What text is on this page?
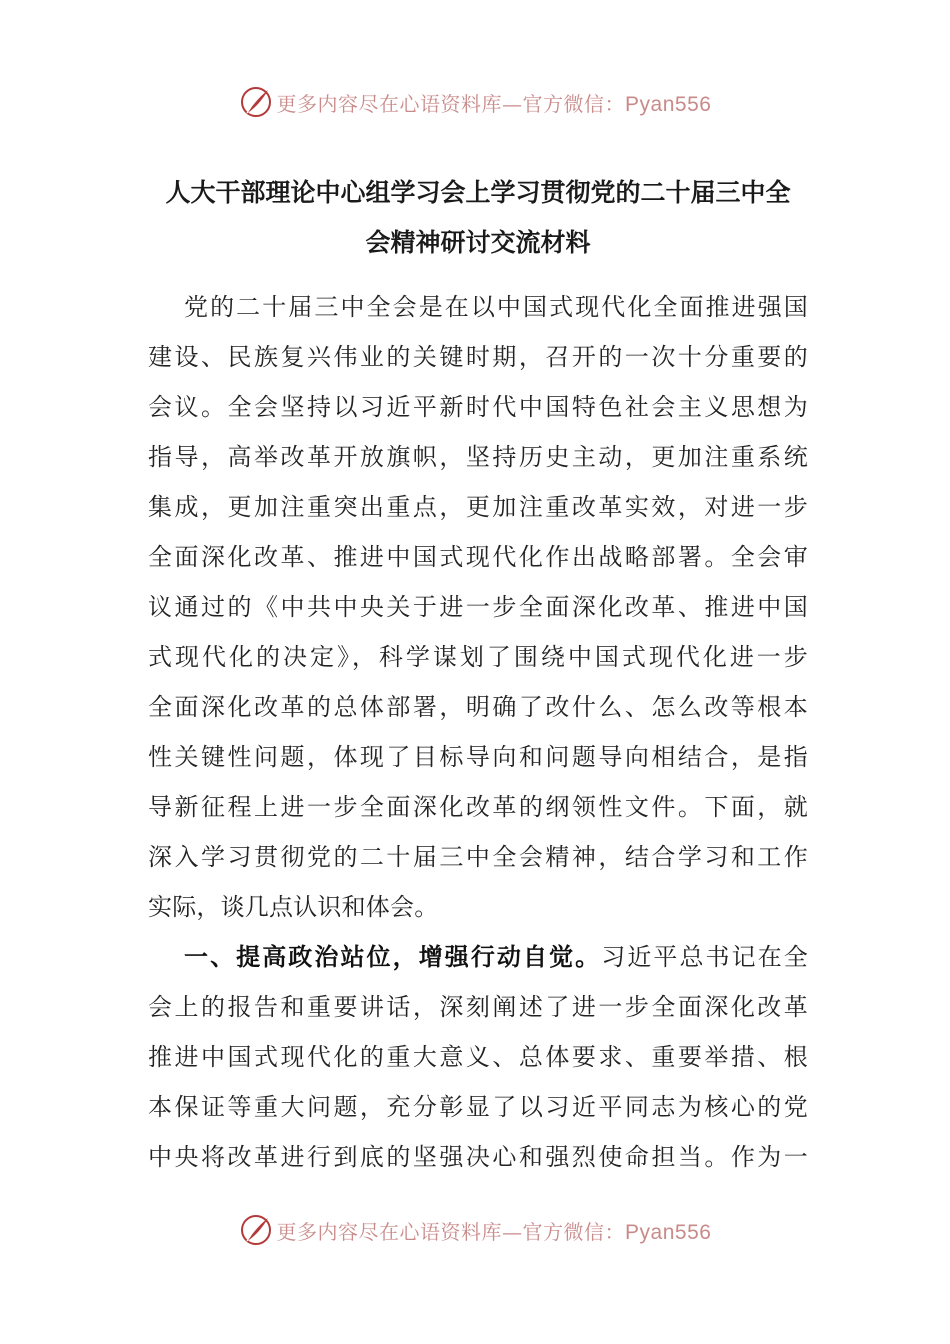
更多内容尽在心语资料库—官方微信：Pyan556
人大干部理论中心组学习会上学习贯彻党的二十届三中全
会精神研讨交流材料
党的二十届三中全会是在以中国式现代化全面推进强国
建设、民族复兴伟业的关键时期，召开的一次十分重要的
会议。全会坚持以习近平新时代中国特色社会主义思想为
指导，高举改革开放旗帜，坚持历史主动，更加注重系统
集成，更加注重突出重点，更加注重改革实效，对进一步
全面深化改革、推进中国式现代化作出战略部署。全会审
议通过的《中共中央关于进一步全面深化改革、推进中国
式现代化的决定》，科学谋划了围绕中国式现代化进一步
全面深化改革的总体部署，明确了改什么、怎么改等根本
性关键性问题，体现了目标导向和问题导向相结合，是指
导新征程上进一步全面深化改革的纲领性文件。下面，就
深入学习贯彻党的二十届三中全会精神，结合学习和工作
实际，谈几点认识和体会。
一、提高政治站位，增强行动自觉。习近平总书记在全
会上的报告和重要讲话，深刻阐述了进一步全面深化改革
推进中国式现代化的重大意义、总体要求、重要举措、根
本保证等重大问题，充分彰显了以习近平同志为核心的党
中央将改革进行到底的坚强决心和强烈使命担当。作为一
更多内容尽在心语资料库—官方微信：Pyan556
